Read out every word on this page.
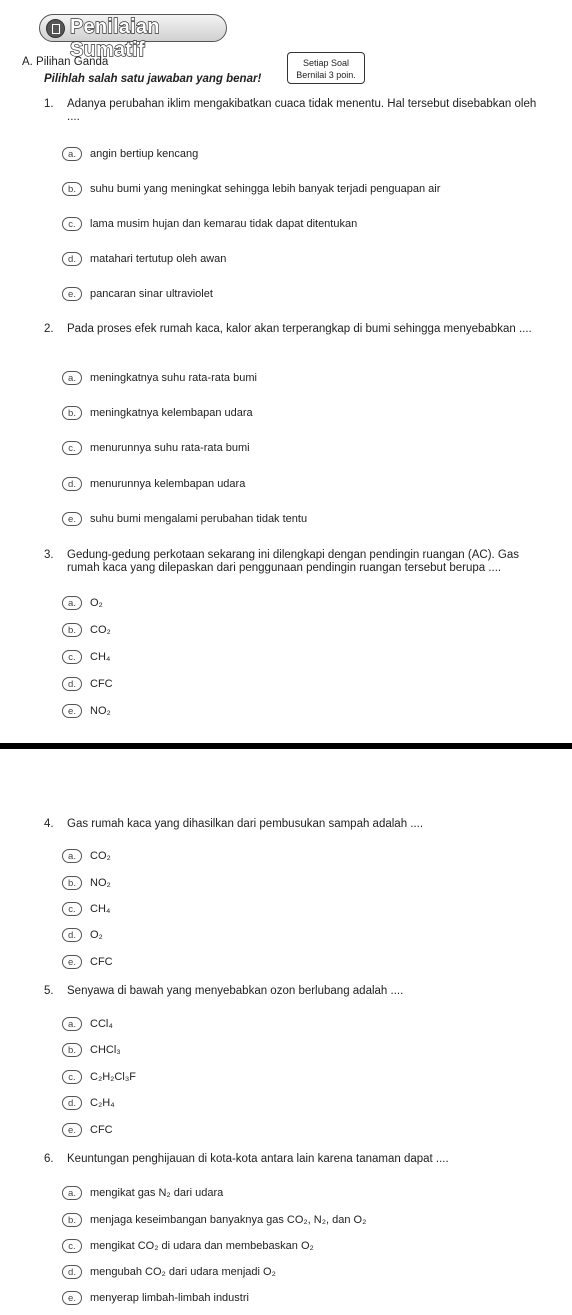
Penilaian Sumatif
A. Pilihan Ganda
Pilihlah salah satu jawaban yang benar!
Setiap Soal
Bernilai 3 poin.
1. Adanya perubahan iklim mengakibatkan cuaca tidak menentu. Hal tersebut disebabkan oleh ....
a. angin bertiup kencang
b. suhu bumi yang meningkat sehingga lebih banyak terjadi penguapan air
c. lama musim hujan dan kemarau tidak dapat ditentukan
d. matahari tertutup oleh awan
e. pancaran sinar ultraviolet
2. Pada proses efek rumah kaca, kalor akan terperangkap di bumi sehingga menyebabkan ....
a. meningkatnya suhu rata-rata bumi
b. meningkatnya kelembapan udara
c. menurunnya suhu rata-rata bumi
d. menurunnya kelembapan udara
e. suhu bumi mengalami perubahan tidak tentu
3. Gedung-gedung perkotaan sekarang ini dilengkapi dengan pendingin ruangan (AC). Gas rumah kaca yang dilepaskan dari penggunaan pendingin ruangan tersebut berupa ....
a. O₂
b. CO₂
c. CH₄
d. CFC
e. NO₂
4. Gas rumah kaca yang dihasilkan dari pembusukan sampah adalah ....
a. CO₂
b. NO₂
c. CH₄
d. O₂
e. CFC
5. Senyawa di bawah yang menyebabkan ozon berlubang adalah ....
a. CCl₄
b. CHCl₃
c. C₂H₂Cl₃F
d. C₂H₄
e. CFC
6. Keuntungan penghijauan di kota-kota antara lain karena tanaman dapat ....
a. mengikat gas N₂ dari udara
b. menjaga keseimbangan banyaknya gas CO₂, N₂, dan O₂
c. mengikat CO₂ di udara dan membebaskan O₂
d. mengubah CO₂ dari udara menjadi O₂
e. menyerap limbah-limbah industri
